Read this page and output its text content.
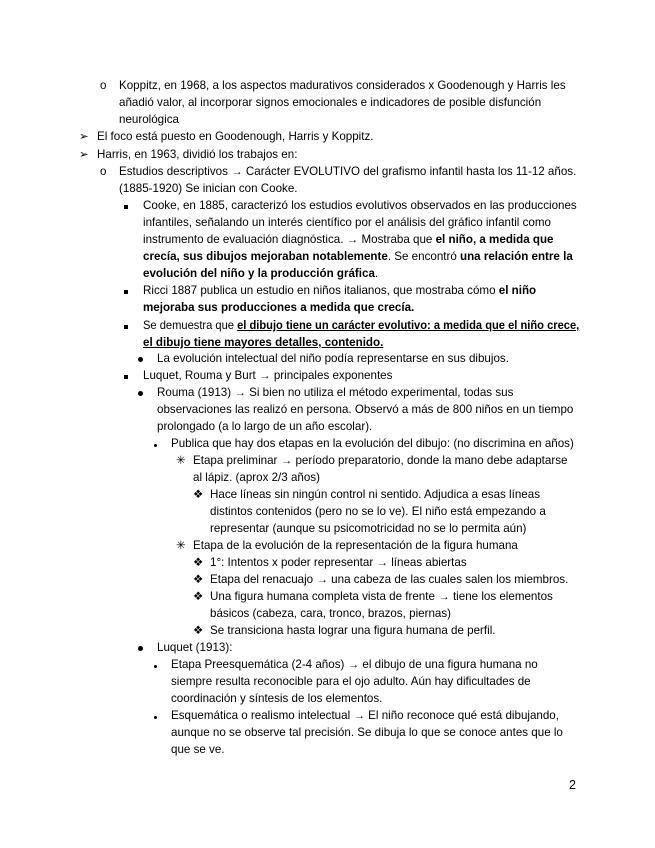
o Koppitz, en 1968, a los aspectos madurativos considerados x Goodenough y Harris les
añadió valor, al incorporar signos emocionales e indicadores de posible disfunción
neurológica
➢ El foco está puesto en Goodenough, Harris y Koppitz.
➢ Harris, en 1963, dividió los trabajos en:
o Estudios descriptivos → Carácter EVOLUTIVO del grafismo infantil hasta los 11-12 años.
(1885-1920) Se inician con Cooke.
Cooke, en 1885, caracterizó los estudios evolutivos observados en las producciones
infantiles, señalando un interés científico por el análisis del gráfico infantil como
instrumento de evaluación diagnóstica. → Mostraba que el niño, a medida que
crecía, sus dibujos mejoraban notablemente. Se encontró una relación entre la
evolución del niño y la producción gráfica.
Ricci 1887 publica un estudio en niños italianos, que mostraba cómo el niño
mejoraba sus producciones a medida que crecía.
Se demuestra que el dibujo tiene un carácter evolutivo: a medida que el niño crece,
el dibujo tiene mayores detalles, contenido.
La evolución intelectual del niño podía representarse en sus dibujos.
Luquet, Rouma y Burt → principales exponentes
Rouma (1913) → Si bien no utiliza el método experimental, todas sus
observaciones las realizó en persona. Observó a más de 800 niños en un tiempo
prolongado (a lo largo de un año escolar).
Publica que hay dos etapas en la evolución del dibujo: (no discrimina en años)
✳ Etapa preliminar → período preparatorio, donde la mano debe adaptarse
al lápiz. (aprox 2/3 años)
❖ Hace líneas sin ningún control ni sentido. Adjudica a esas líneas
distintos contenidos (pero no se lo ve). El niño está empezando a
representar (aunque su psicomotricidad no se lo permita aún)
✳ Etapa de la evolución de la representación de la figura humana
❖ 1°: Intentos x poder representar → líneas abiertas
❖ Etapa del renacuajo → una cabeza de las cuales salen los miembros.
❖ Una figura humana completa vista de frente → tiene los elementos
básicos (cabeza, cara, tronco, brazos, piernas)
❖ Se transiciona hasta lograr una figura humana de perfil.
Luquet (1913):
Etapa Preesquemática (2-4 años) → el dibujo de una figura humana no
siempre resulta reconocible para el ojo adulto. Aún hay dificultades de
coordinación y síntesis de los elementos.
Esquemática o realismo intelectual → El niño reconoce qué está dibujando,
aunque no se observe tal precisión. Se dibuja lo que se conoce antes que lo
que se ve.
2
